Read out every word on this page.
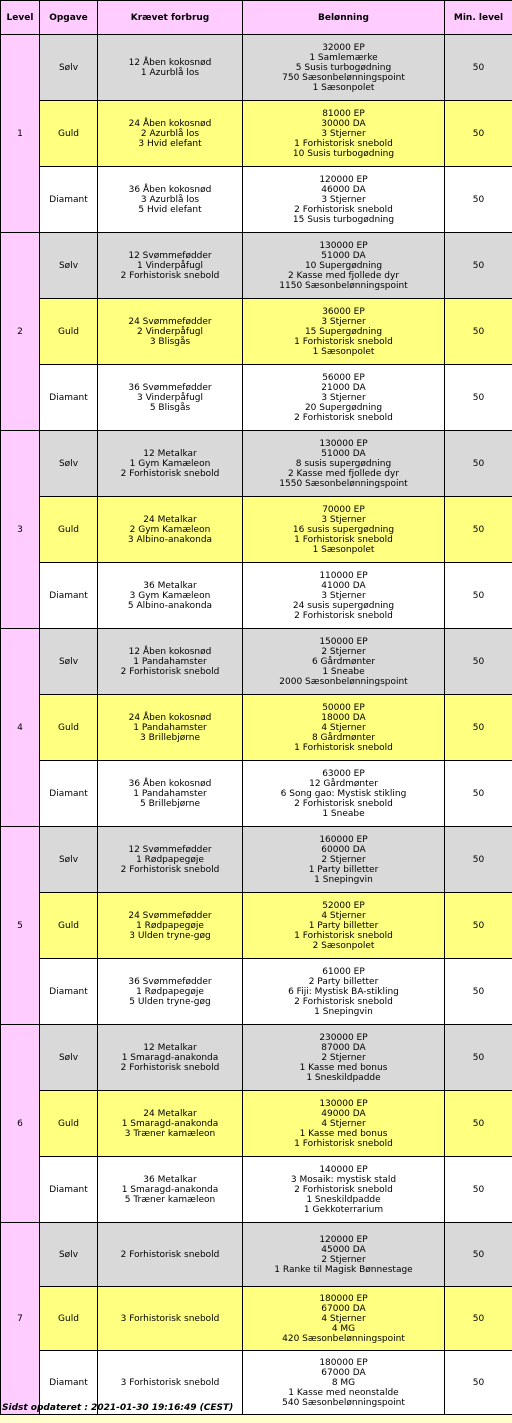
Level	Opgave	Krævet forbrug	Belønning	Min. level
1	Sølv	12 Åben kokosnød
1 Azurblå los	32000 EP
1 Samlemærke
5 Susis turbogødning
750 Sæsonbelønningspoint
1 Sæsonpolet	50
	Guld	24 Åben kokosnød
2 Azurblå los
3 Hvid elefant	81000 EP
30000 DA
3 Stjerner
1 Forhistorisk snebold
10 Susis turbogødning	50
	Diamant	36 Åben kokosnød
3 Azurblå los
5 Hvid elefant	120000 EP
46000 DA
3 Stjerner
2 Forhistorisk snebold
15 Susis turbogødning	50
2	Sølv	12 Svømmefødder
1 Vinderpåfugl
2 Forhistorisk snebold	130000 EP
51000 DA
10 Supergødning
2 Kasse med fjollede dyr
1150 Sæsonbelønningspoint	50
	Guld	24 Svømmefødder
2 Vinderpåfugl
3 Blisgås	36000 EP
3 Stjerner
15 Supergødning
1 Forhistorisk snebold
1 Sæsonpolet	50
	Diamant	36 Svømmefødder
3 Vinderpåfugl
5 Blisgås	56000 EP
21000 DA
3 Stjerner
20 Supergødning
2 Forhistorisk snebold	50
3	Sølv	12 Metalkar
1 Gym Kamæleon
2 Forhistorisk snebold	130000 EP
51000 DA
8 susis supergødning
2 Kasse med fjollede dyr
1550 Sæsonbelønningspoint	50
	Guld	24 Metalkar
2 Gym Kamæleon
3 Albino-anakonda	70000 EP
3 Stjerner
16 susis supergødning
1 Forhistorisk snebold
1 Sæsonpolet	50
	Diamant	36 Metalkar
3 Gym Kamæleon
5 Albino-anakonda	110000 EP
41000 DA
3 Stjerner
24 susis supergødning
2 Forhistorisk snebold	50
4	Sølv	12 Åben kokosnød
1 Pandahamster
2 Forhistorisk snebold	150000 EP
2 Stjerner
6 Gårdmønter
1 Sneabe
2000 Sæsonbelønningspoint	50
	Guld	24 Åben kokosnød
1 Pandahamster
3 Brillebjørne	50000 EP
18000 DA
4 Stjerner
8 Gårdmønter
1 Forhistorisk snebold	50
	Diamant	36 Åben kokosnød
1 Pandahamster
5 Brillebjørne	63000 EP
12 Gårdmønter
6 Song gao: Mystisk stikling
2 Forhistorisk snebold
1 Sneabe	50
5	Sølv	12 Svømmefødder
1 Rødpapegøje
2 Forhistorisk snebold	160000 EP
60000 DA
2 Stjerner
1 Party billetter
1 Snepingvin	50
	Guld	24 Svømmefødder
1 Rødpapegøje
3 Ulden tryne-gøg	52000 EP
4 Stjerner
1 Party billetter
1 Forhistorisk snebold
2 Sæsonpolet	50
	Diamant	36 Svømmefødder
1 Rødpapegøje
5 Ulden tryne-gøg	61000 EP
2 Party billetter
6 Fiji: Mystisk BA-stikling
2 Forhistorisk snebold
1 Snepingvin	50
6	Sølv	12 Metalkar
1 Smaragd-anakonda
2 Forhistorisk snebold	230000 EP
87000 DA
2 Stjerner
1 Kasse med bonus
1 Sneskildpadde	50
	Guld	24 Metalkar
1 Smaragd-anakonda
3 Træner kamæleon	130000 EP
49000 DA
4 Stjerner
1 Kasse med bonus
1 Forhistorisk snebold	50
	Diamant	36 Metalkar
1 Smaragd-anakonda
5 Træner kamæleon	140000 EP
3 Mosaik: mystisk stald
2 Forhistorisk snebold
1 Sneskildpadde
1 Gekkoterrarium	50
7	Sølv	2 Forhistorisk snebold	120000 EP
45000 DA
2 Stjerner
1 Ranke til Magisk Bønnestage	50
	Guld	3 Forhistorisk snebold	180000 EP
67000 DA
4 Stjerner
4 MG
420 Sæsonbelønningspoint	50
	Diamant	3 Forhistorisk snebold	180000 EP
67000 DA
8 MG
1 Kasse med neonstalde
540 Sæsonbelønningspoint	50
Sidst opdateret : 2021-01-30 19:16:49 (CEST)
